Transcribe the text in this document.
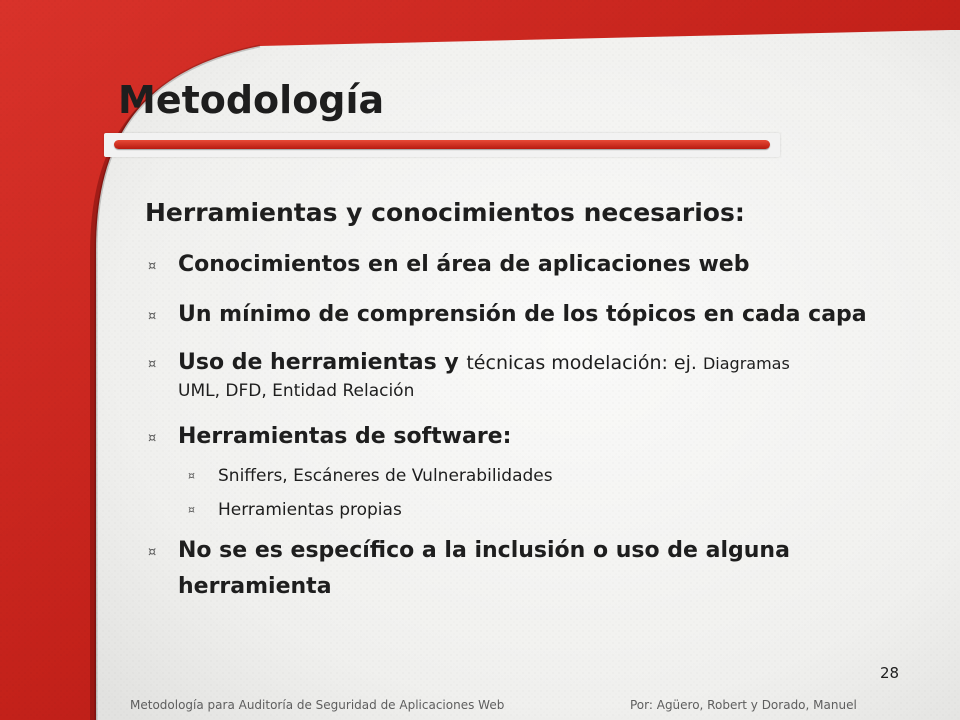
Metodología
Herramientas y conocimientos necesarios:
¤ Conocimientos en el área de aplicaciones web
¤ Un mínimo de comprensión de los tópicos en cada capa
¤ Uso de herramientas y técnicas modelación: ej. Diagramas
UML, DFD, Entidad Relación
¤ Herramientas de software:
¤ Sniffers, Escáneres de Vulnerabilidades
¤ Herramientas propias
¤ No se es específico a la inclusión o uso de alguna
herramienta
28
Metodología para Auditoría de Seguridad de Aplicaciones Web	Por: Agüero, Robert y Dorado, Manuel
